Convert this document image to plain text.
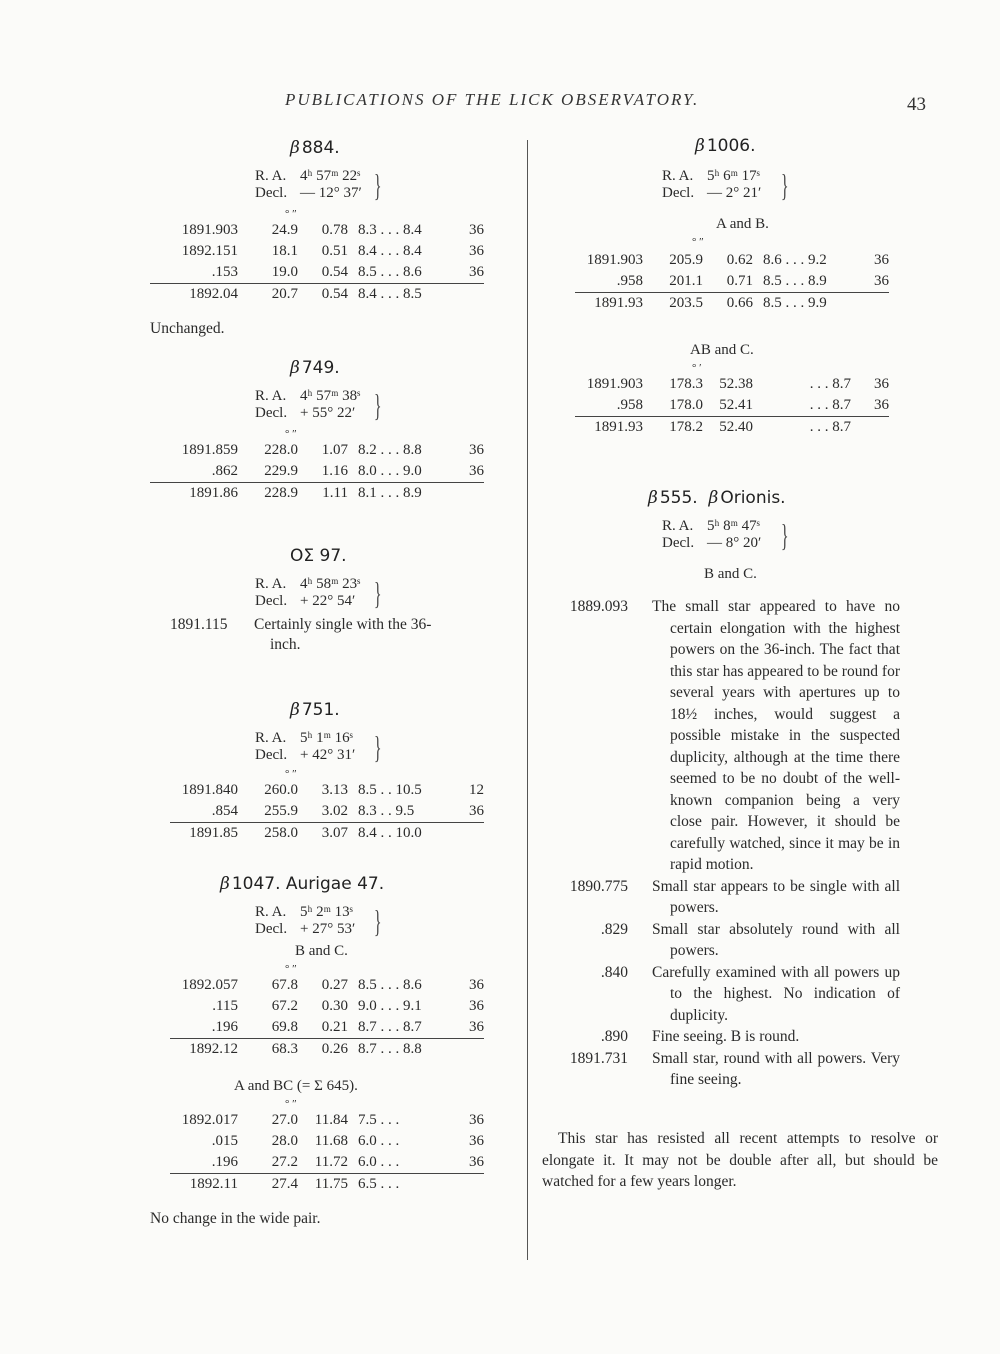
PUBLICATIONS OF THE LICK OBSERVATORY.	43
β 884.
R. A.
Decl.
4ʰ 57ᵐ 22ˢ
— 12° 37′ }
° ″
1891.903	24.9	0.78	8.3 . . . 8.4	36
1892.151	18.1	0.51	8.4 . . . 8.4	36
.153	19.0	0.54	8.5 . . . 8.6	36
1892.04	20.7	0.54	8.4 . . . 8.5	
Unchanged.
β 749.
R. A.
Decl.
4ʰ 57ᵐ 38ˢ
+ 55° 22′ }
° ″
1891.859	228.0	1.07	8.2 . . . 8.8	36
.862	229.9	1.16	8.0 . . . 9.0	36
1891.86	228.9	1.11	8.1 . . . 8.9	
OΣ 97.
R. A.
Decl.
4ʰ 58ᵐ 23ˢ
+ 22° 54′ }
1891.115 Certainly single with the 36-
inch.
β 751.
R. A.
Decl.
5ʰ 1ᵐ 16ˢ
+ 42° 31′ }
° ″
1891.840	260.0	3.13	8.5 . . 10.5	12
.854	255.9	3.02	8.3 . . 9.5	36
1891.85	258.0	3.07	8.4 . . 10.0	
β 1047. Aurigae 47.
R. A.
Decl.
5ʰ 2ᵐ 13ˢ
+ 27° 53′ }
B and C.
° ″
1892.057	67.8	0.27	8.5 . . . 8.6	36
.115	67.2	0.30	9.0 . . . 9.1	36
.196	69.8	0.21	8.7 . . . 8.7	36
1892.12	68.3	0.26	8.7 . . . 8.8	
A and BC (= Σ 645).
° ″
1892.017	27.0	11.84	7.5 . . .	36
.015	28.0	11.68	6.0 . . .	36
.196	27.2	11.72	6.0 . . .	36
1892.11	27.4	11.75	6.5 . . .	
No change in the wide pair.
β 1006.
R. A.
Decl.
5ʰ 6ᵐ 17ˢ
— 2° 21′ }
A and B.
° ″
1891.903	205.9	0.62	8.6 . . . 9.2	36
.958	201.1	0.71	8.5 . . . 8.9	36
1891.93	203.5	0.66	8.5 . . . 9.9	
AB and C.
° ′
1891.903	178.3	52.38	. . . 8.7	36
.958	178.0	52.41	. . . 8.7	36
1891.93	178.2	52.40	. . . 8.7	
β 555. β Orionis.
R. A.
Decl.
5ʰ 8ᵐ 47ˢ
— 8° 20′ }
B and C.
1889.093	The small star appeared to have no certain elongation with the highest powers on the 36-inch. The fact that this star has appeared to be round for several years with apertures up to 18½ inches, would suggest a possible mistake in the suspected duplicity, although at the time there seemed to be no doubt of the well-known companion being a very close pair. However, it should be carefully watched, since it may be in rapid motion.
1890.775	Small star appears to be single with all powers.
.829	Small star absolutely round with all powers.
.840	Carefully examined with all powers up to the highest. No indication of duplicity.
.890	Fine seeing. B is round.
1891.731	Small star, round with all powers. Very fine seeing.
This star has resisted all recent attempts to resolve or elongate it. It may not be double after all, but should be watched for a few years longer.
